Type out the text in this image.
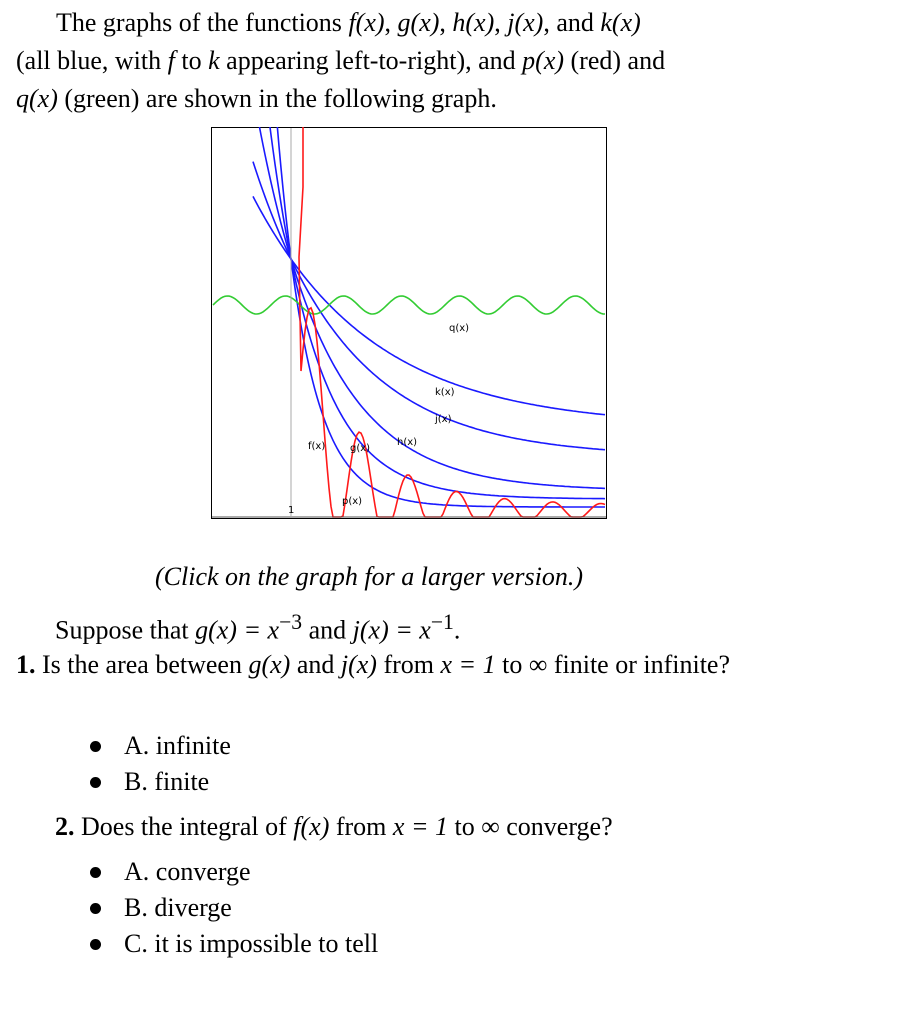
The graphs of the functions f(x), g(x), h(x), j(x), and k(x)
(all blue, with f to k appearing left-to-right), and p(x) (red) and
q(x) (green) are shown in the following graph.
1
f(x) g(x)
h(x)
j(x)
k(x)
p(x)
q(x)
(Click on the graph for a larger version.)
Suppose that $g(x) = x^{-3}$ and $j(x) = x^{-1}$.
1. Is the area between g(x) and j(x) from x = 1 to ∞ finite or infinite?
A. infinite
B. finite
2. Does the integral of f(x) from x = 1 to ∞ converge?
A. converge
B. diverge
C. it is impossible to tell
